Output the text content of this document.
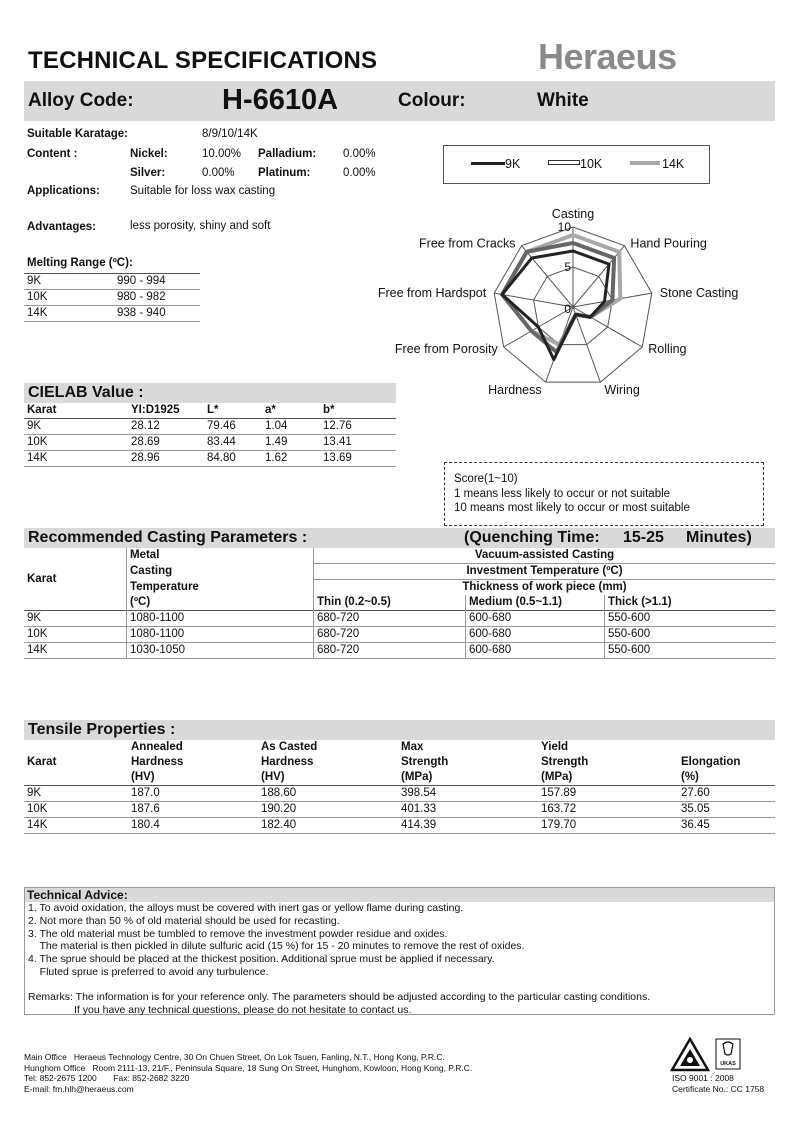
TECHNICAL SPECIFICATIONS	Heraeus
Alloy Code:	H-6610A	Colour:	White
Suitable Karatage:	8/9/10/14K
Content :	Nickel:	10.00% Palladium: 0.00%
Silver:	0.00% Platinum:	0.00%
Applications:	Suitable for loss wax casting
Advantages:	less porosity, shiny and soft
Melting Range (ºC):
9K	990 - 994
10K	980 - 982
14K	938 - 940
CIELAB Value :
Karat	YI:D1925	L*	a*	b*
9K	28.12	79.46	1.04	12.76
10K	28.69	83.44	1.49	13.41
14K	28.96	84.80	1.62	13.69
9K	10K	14K
10
5
0
Casting
Hand Pouring
Stone Casting
Rolling
Wiring
Hardness
Free from Porosity
Free from Hardspot
Free from Cracks
Score(1~10)
1 means less likely to occur or not suitable
10 means most likely to occur or most suitable
Recommended Casting Parameters :	(Quenching Time: 15-25 Minutes)
Karat	Metal	Vacuum-assisted Casting		
	Casting	Investment Temperature (ºC)		
	Temperature	Thickness of work piece (mm)		
	(ºC)	Thin (0.2~0.5)	Medium (0.5~1.1)	Thick (>1.1)
9K	1080-1100	680-720	600-680	550-600
10K	1080-1100	680-720	600-680	550-600
14K	1030-1050	680-720	600-680	550-600
Tensile Properties :
	Annealed	As Casted	Max	Yield	
Karat	Hardness	Hardness	Strength	Strength	Elongation
	(HV)	(HV)	(MPa)	(MPa)	(%)
9K	187.0	188.60	398.54	157.89	27.60
10K	187.6	190.20	401.33	163.72	35.05
14K	180.4	182.40	414.39	179.70	36.45
Technical Advice:
1. To avoid oxidation, the alloys must be covered with inert gas or yellow flame during casting.
2. Not more than 50 % of old material should be used for recasting.
3. The old material must be tumbled to remove the investment powder residue and oxides.
The material is then pickled in dilute sulfuric acid (15 %) for 15 - 20 minutes to remove the rest of oxides.
4. The sprue should be placed at the thickest position. Additional sprue must be applied if necessary.
Fluted sprue is preferred to avoid any turbulence.
Remarks: The information is for your reference only. The parameters should be adjusted according to the particular casting conditions.
If you have any technical questions, please do not hesitate to contact us.
Main Office   Heraeus Technology Centre, 30 On Chuen Street, On Lok Tsuen, Fanling, N.T., Hong Kong, P.R.C.
Hunghom Office   Room 2111-13, 21/F., Peninsula Square, 18 Sung On Street, Hunghom, Kowloon, Hong Kong, P.R.C.
Tel: 852-2675 1200       Fax: 852-2682 3220
E-mail: fm.hlh@heraeus.com
UKAS
ISO 9001 : 2008
Certificate No.: CC 1758
